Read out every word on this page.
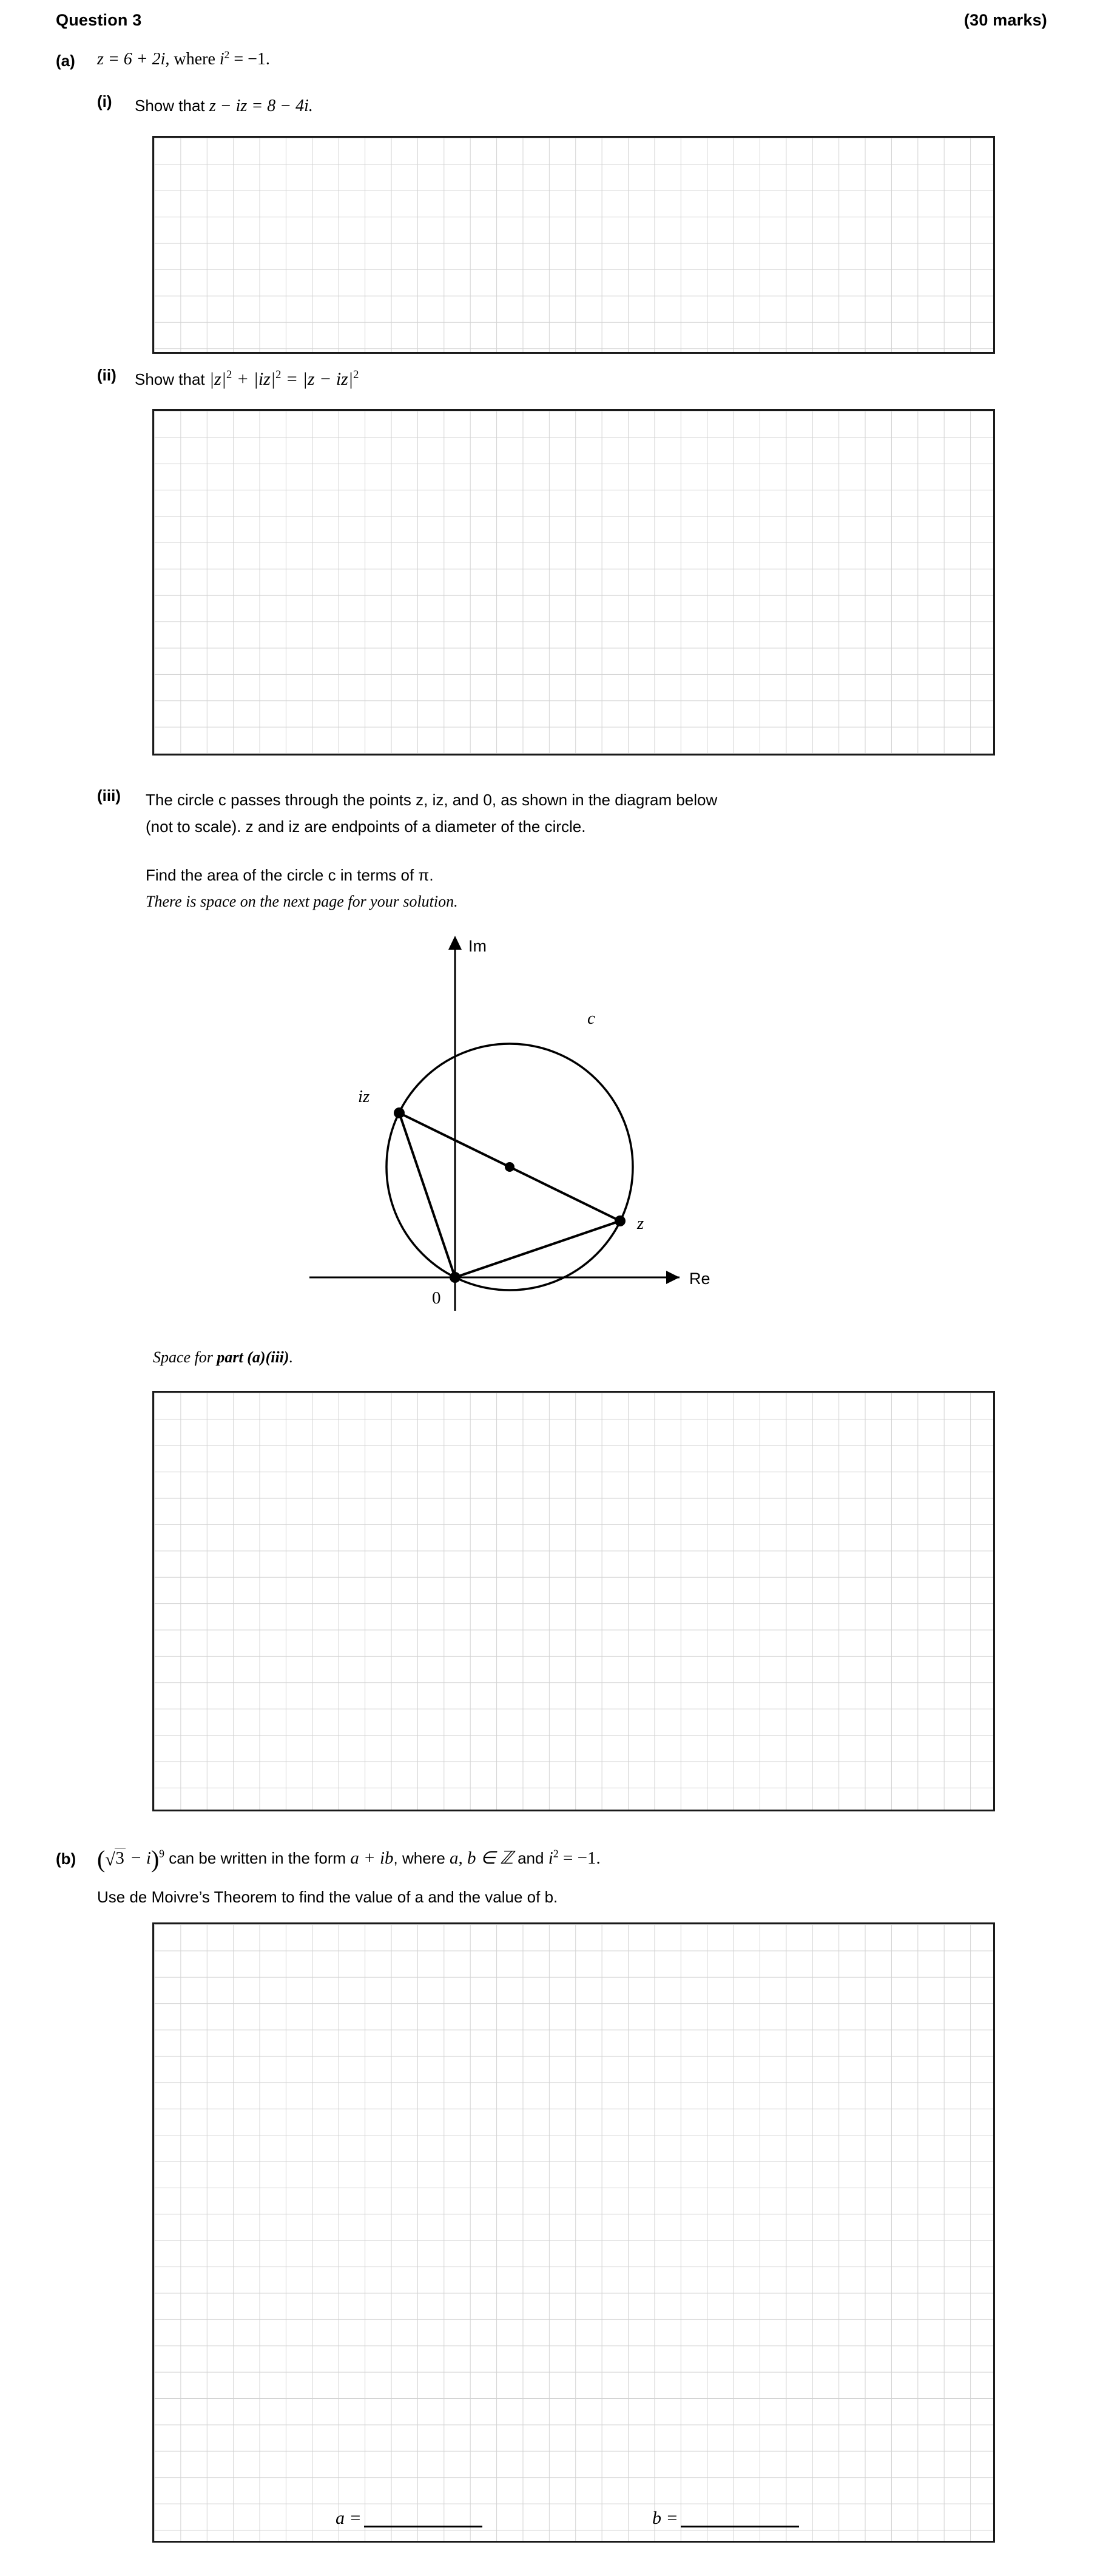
Question 3	(30 marks)
(a) z = 6 + 2i, where $i^2 = -1$.
(i) Show that z − iz = 8 − 4i.
(ii) Show that $|z|^2 + |iz|^2 = |z - iz|^2$
(iii) The circle c passes through the points z, iz, and 0, as shown in the diagram below
(not to scale). z and iz are endpoints of a diameter of the circle.
Find the area of the circle c in terms of π.
There is space on the next page for your solution.
Im
Re
0
z
iz
c
Space for part (a)(iii).
(b) ( √ 3 − i)$^9$ can be written in the form a + ib, where a, b ∈ ℤ and $i^2 = -1$.
Use de Moivre’s Theorem to find the value of a and the value of b.
a =	b =
